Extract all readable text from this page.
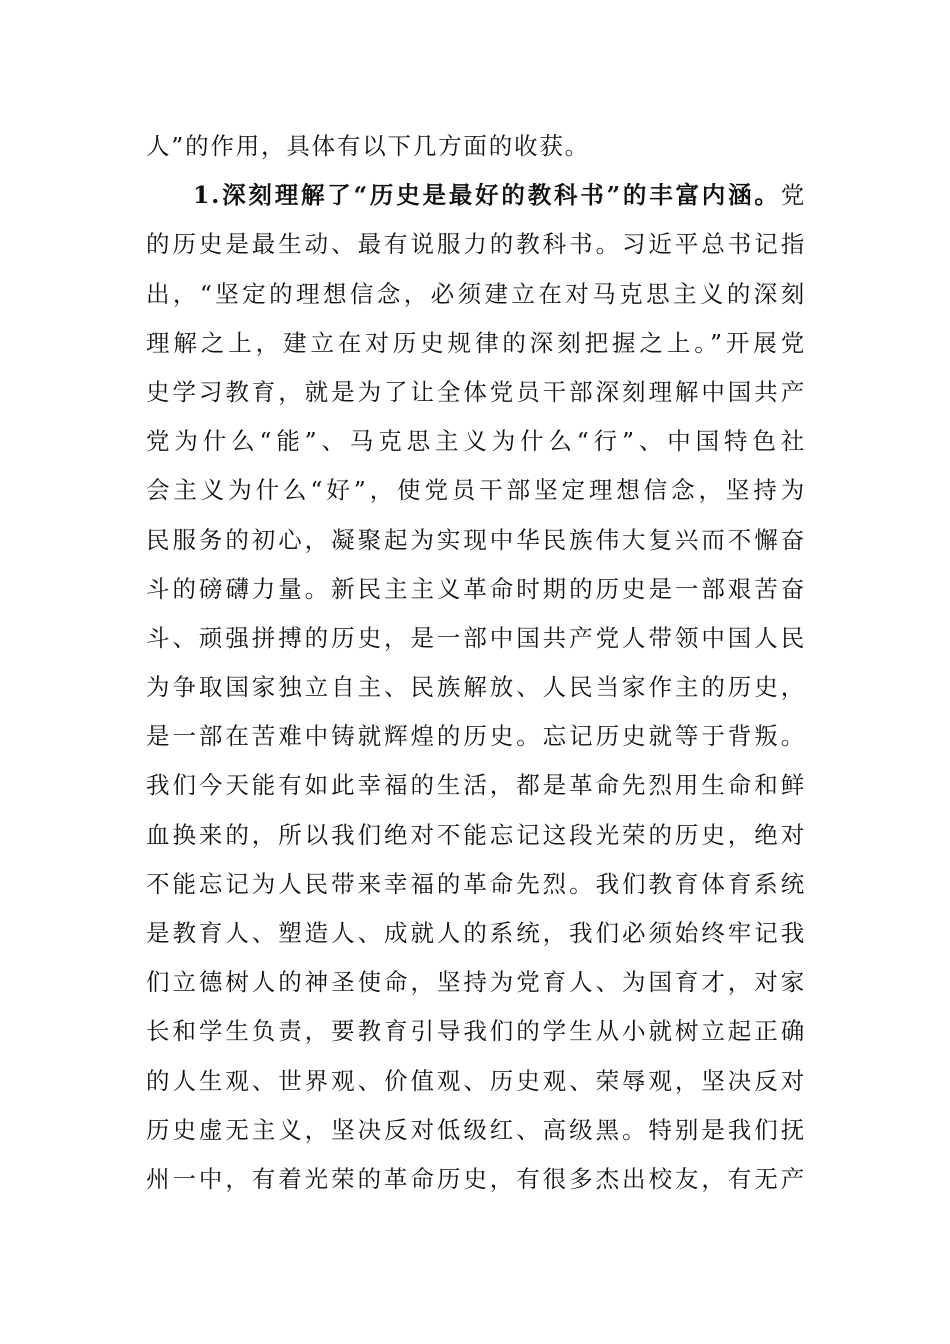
人”的作用，具体有以下几方面的收获。
1.深刻理解了“历史是最好的教科书”的丰富内涵。党
的历史是最生动、最有说服力的教科书。习近平总书记指
出，“坚定的理想信念，必须建立在对马克思主义的深刻
理解之上，建立在对历史规律的深刻把握之上。”开展党
史学习教育，就是为了让全体党员干部深刻理解中国共产
党为什么“能”、马克思主义为什么“行”、中国特色社
会主义为什么“好”，使党员干部坚定理想信念，坚持为
民服务的初心，凝聚起为实现中华民族伟大复兴而不懈奋
斗的磅礴力量。新民主主义革命时期的历史是一部艰苦奋
斗、顽强拼搏的历史，是一部中国共产党人带领中国人民
为争取国家独立自主、民族解放、人民当家作主的历史，
是一部在苦难中铸就辉煌的历史。忘记历史就等于背叛。
我们今天能有如此幸福的生活，都是革命先烈用生命和鲜
血换来的，所以我们绝对不能忘记这段光荣的历史，绝对
不能忘记为人民带来幸福的革命先烈。我们教育体育系统
是教育人、塑造人、成就人的系统，我们必须始终牢记我
们立德树人的神圣使命，坚持为党育人、为国育才，对家
长和学生负责，要教育引导我们的学生从小就树立起正确
的人生观、世界观、价值观、历史观、荣辱观，坚决反对
历史虚无主义，坚决反对低级红、高级黑。特别是我们抚
州一中，有着光荣的革命历史，有很多杰出校友，有无产
